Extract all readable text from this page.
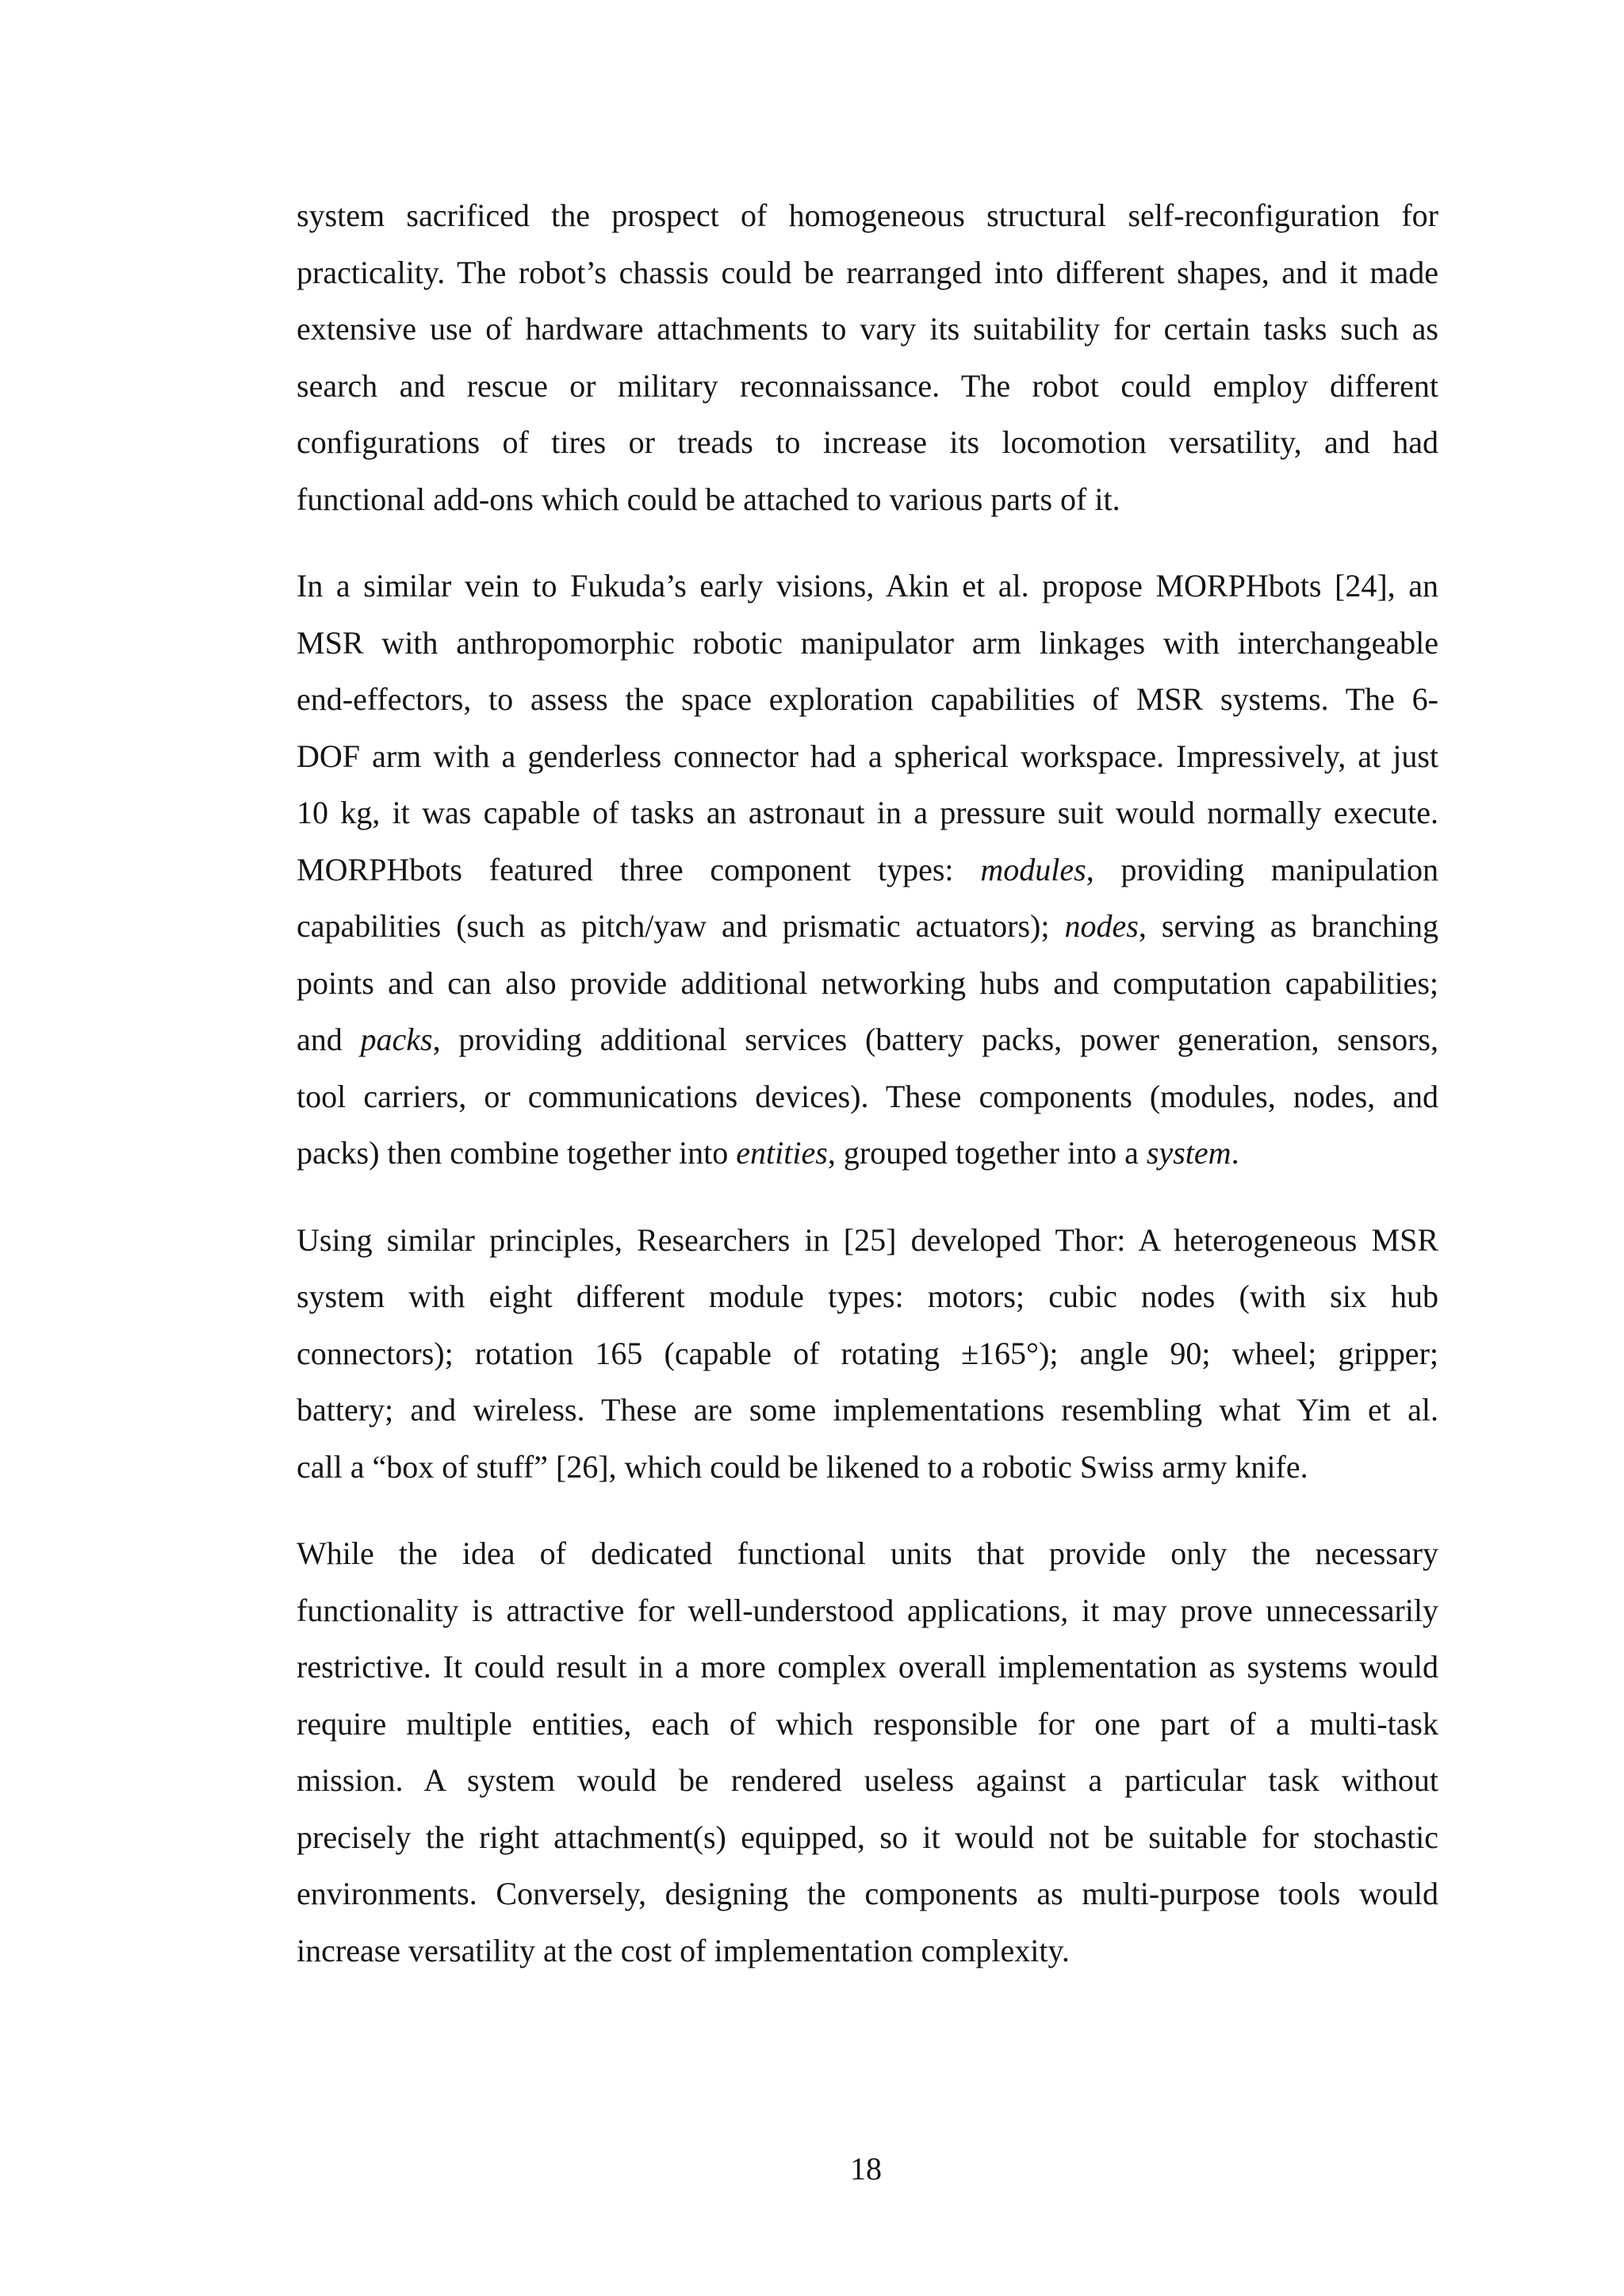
system sacrificed the prospect of homogeneous structural self-reconfiguration for
practicality. The robot’s chassis could be rearranged into different shapes, and it made
extensive use of hardware attachments to vary its suitability for certain tasks such as
search and rescue or military reconnaissance. The robot could employ different
configurations of tires or treads to increase its locomotion versatility, and had
functional add-ons which could be attached to various parts of it.

In a similar vein to Fukuda’s early visions, Akin et al. propose MORPHbots [24], an
MSR with anthropomorphic robotic manipulator arm linkages with interchangeable
end-effectors, to assess the space exploration capabilities of MSR systems. The 6-
DOF arm with a genderless connector had a spherical workspace. Impressively, at just
10 kg, it was capable of tasks an astronaut in a pressure suit would normally execute.
MORPHbots featured three component types: modules, providing manipulation
capabilities (such as pitch/yaw and prismatic actuators); nodes, serving as branching
points and can also provide additional networking hubs and computation capabilities;
and packs, providing additional services (battery packs, power generation, sensors,
tool carriers, or communications devices). These components (modules, nodes, and
packs) then combine together into entities, grouped together into a system.

Using similar principles, Researchers in [25] developed Thor: A heterogeneous MSR
system with eight different module types: motors; cubic nodes (with six hub
connectors); rotation 165 (capable of rotating ±165°); angle 90; wheel; gripper;
battery; and wireless. These are some implementations resembling what Yim et al.
call a “box of stuff” [26], which could be likened to a robotic Swiss army knife.

While the idea of dedicated functional units that provide only the necessary
functionality is attractive for well-understood applications, it may prove unnecessarily
restrictive. It could result in a more complex overall implementation as systems would
require multiple entities, each of which responsible for one part of a multi-task
mission. A system would be rendered useless against a particular task without
precisely the right attachment(s) equipped, so it would not be suitable for stochastic
environments. Conversely, designing the components as multi-purpose tools would
increase versatility at the cost of implementation complexity.

18
